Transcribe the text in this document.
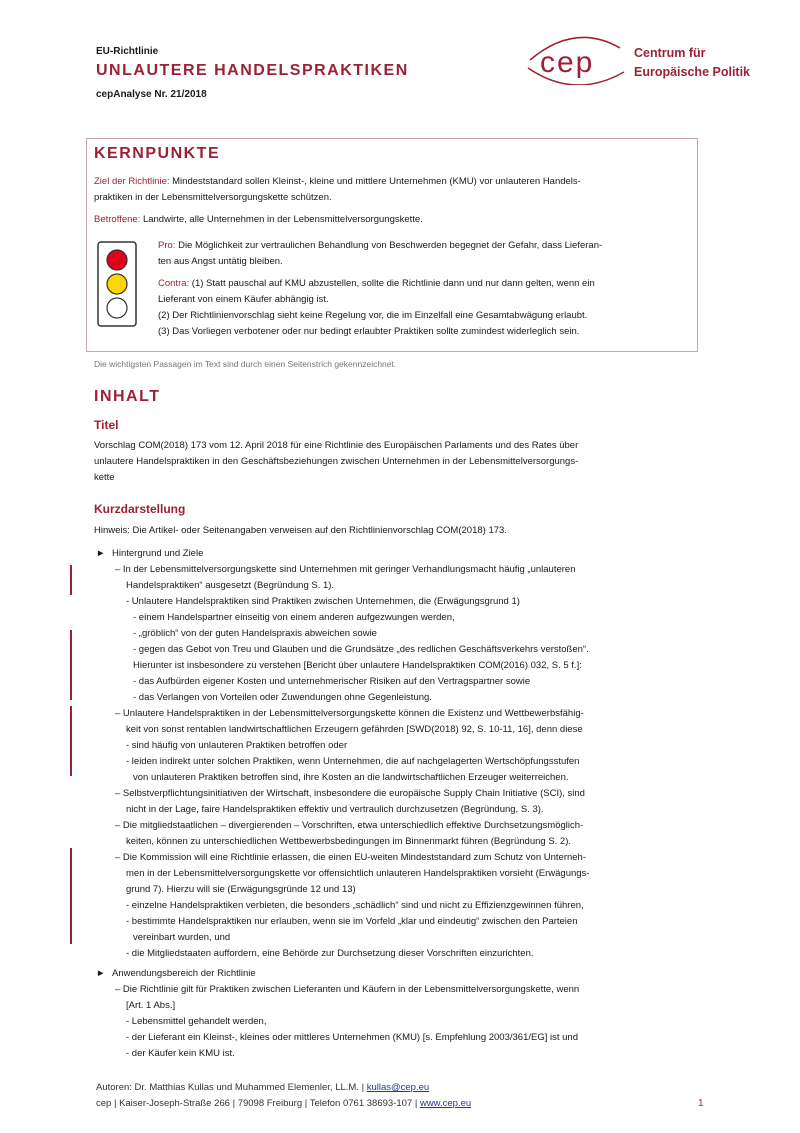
EU-Richtlinie
UNLAUTERE HANDELSPRAKTIKEN
cepAnalyse Nr. 21/2018
cep	Centrum für
Europäische Politik
KERNPUNKTE
Ziel der Richtlinie: Mindeststandard sollen Kleinst-, kleine und mittlere Unternehmen (KMU) vor unlauteren Handels-
praktiken in der Lebensmittelversorgungskette schützen.
Betroffene: Landwirte, alle Unternehmen in der Lebensmittelversorgungskette.
Pro: Die Möglichkeit zur vertraulichen Behandlung von Beschwerden begegnet der Gefahr, dass Lieferan-
ten aus Angst untätig bleiben.
Contra: (1) Statt pauschal auf KMU abzustellen, sollte die Richtlinie dann und nur dann gelten, wenn ein
Lieferant von einem Käufer abhängig ist.
(2) Der Richtlinienvorschlag sieht keine Regelung vor, die im Einzelfall eine Gesamtabwägung erlaubt.
(3) Das Vorliegen verbotener oder nur bedingt erlaubter Praktiken sollte zumindest widerleglich sein.
Die wichtigsten Passagen im Text sind durch einen Seitenstrich gekennzeichnet.
INHALT
Titel
Vorschlag COM(2018) 173 vom 12. April 2018 für eine Richtlinie des Europäischen Parlaments und des Rates über
unlautere Handelspraktiken in den Geschäftsbeziehungen zwischen Unternehmen in der Lebensmittelversorgungs-
kette
Kurzdarstellung
Hinweis: Die Artikel- oder Seitenangaben verweisen auf den Richtlinienvorschlag COM(2018) 173.
► Hintergrund und Ziele
– In der Lebensmittelversorgungskette sind Unternehmen mit geringer Verhandlungsmacht häufig „unlauteren
Handelspraktiken“ ausgesetzt (Begründung S. 1).
- Unlautere Handelspraktiken sind Praktiken zwischen Unternehmen, die (Erwägungsgrund 1)
- einem Handelspartner einseitig von einem anderen aufgezwungen werden,
- „gröblich“ von der guten Handelspraxis abweichen sowie
- gegen das Gebot von Treu und Glauben und die Grundsätze „des redlichen Geschäftsverkehrs verstoßen“.
Hierunter ist insbesondere zu verstehen [Bericht über unlautere Handelspraktiken COM(2016) 032, S. 5 f.]:
- das Aufbürden eigener Kosten und unternehmerischer Risiken auf den Vertragspartner sowie
- das Verlangen von Vorteilen oder Zuwendungen ohne Gegenleistung.
– Unlautere Handelspraktiken in der Lebensmittelversorgungskette können die Existenz und Wettbewerbsfähig-
keit von sonst rentablen landwirtschaftlichen Erzeugern gefährden [SWD(2018) 92, S. 10-11, 16], denn diese
- sind häufig von unlauteren Praktiken betroffen oder
- leiden indirekt unter solchen Praktiken, wenn Unternehmen, die auf nachgelagerten Wertschöpfungsstufen
von unlauteren Praktiken betroffen sind, ihre Kosten an die landwirtschaftlichen Erzeuger weiterreichen.
– Selbstverpflichtungsinitiativen der Wirtschaft, insbesondere die europäische Supply Chain Initiative (SCI), sind
nicht in der Lage, faire Handelspraktiken effektiv und vertraulich durchzusetzen (Begründung, S. 3).
– Die mitgliedstaatlichen – divergierenden – Vorschriften, etwa unterschiedlich effektive Durchsetzungsmöglich-
keiten, können zu unterschiedlichen Wettbewerbsbedingungen im Binnenmarkt führen (Begründung S. 2).
– Die Kommission will eine Richtlinie erlassen, die einen EU-weiten Mindeststandard zum Schutz von Unterneh-
men in der Lebensmittelversorgungskette vor offensichtlich unlauteren Handelspraktiken vorsieht (Erwägungs-
grund 7). Hierzu will sie (Erwägungsgründe 12 und 13)
- einzelne Handelspraktiken verbieten, die besonders „schädlich“ sind und nicht zu Effizienzgewinnen führen,
- bestimmte Handelspraktiken nur erlauben, wenn sie im Vorfeld „klar und eindeutig“ zwischen den Parteien
vereinbart wurden, und
- die Mitgliedstaaten auffordern, eine Behörde zur Durchsetzung dieser Vorschriften einzurichten.
► Anwendungsbereich der Richtlinie
– Die Richtlinie gilt für Praktiken zwischen Lieferanten und Käufern in der Lebensmittelversorgungskette, wenn
[Art. 1 Abs.]
- Lebensmittel gehandelt werden,
- der Lieferant ein Kleinst-, kleines oder mittleres Unternehmen (KMU) [s. Empfehlung 2003/361/EG] ist und
- der Käufer kein KMU ist.
Autoren: Dr. Matthias Kullas und Muhammed Elemenler, LL.M. | kullas@cep.eu
cep | Kaiser-Joseph-Straße 266 | 79098 Freiburg | Telefon 0761 38693-107 | www.cep.eu	1
